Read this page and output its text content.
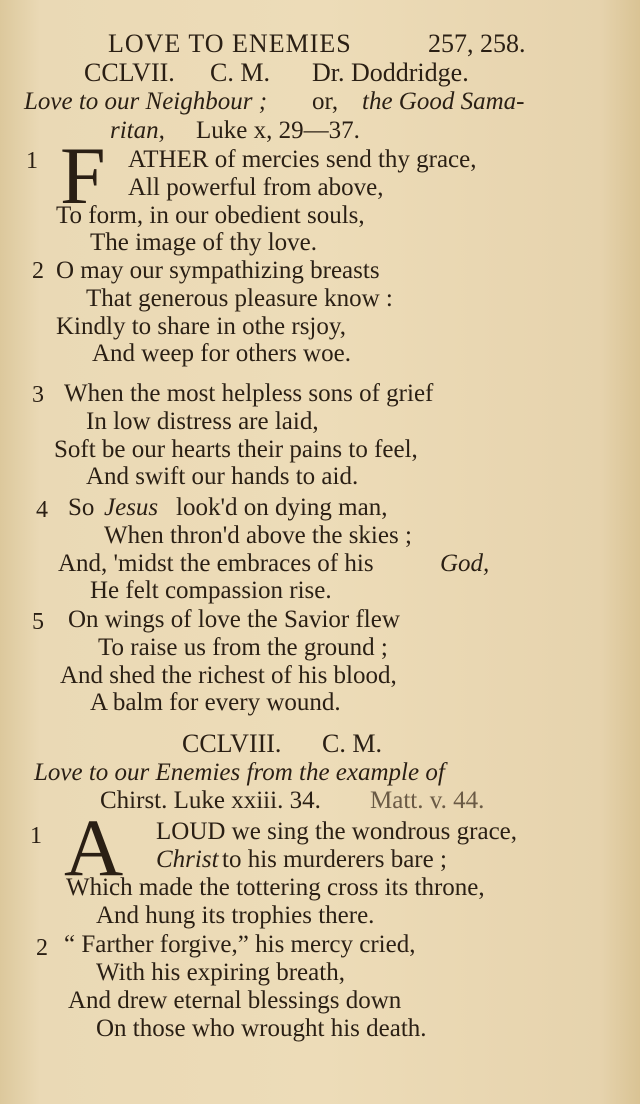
LOVE TO ENEMIES	257, 258.
CCLVII. C. M. Dr. Doddridge.
Love to our Neighbour ; or, the Good Sama-
ritan, Luke x, 29—37.
1 F ATHER of mercies send thy grace,
All powerful from above,
To form, in our obedient souls,
The image of thy love.
2 O may our sympathizing breasts
That generous pleasure know :
Kindly to share in othe rsjoy,
And weep for others woe.
3 When the most helpless sons of grief
In low distress are laid,
Soft be our hearts their pains to feel,
And swift our hands to aid.
4 So Jesus look'd on dying man,
When thron'd above the skies ;
And, 'midst the embraces of his	God,
He felt compassion rise.
5 On wings of love the Savior flew
To raise us from the ground ;
And shed the richest of his blood,
A balm for every wound.
CCLVIII. C. M.
Love to our Enemies from the example of
Chirst. Luke xxiii. 34. Matt. v. 44.
1 A LOUD we sing the wondrous grace,
Christ to his murderers bare ;
Which made the tottering cross its throne,
And hung its trophies there.
2 “ Farther forgive,” his mercy cried,
With his expiring breath,
And drew eternal blessings down
On those who wrought his death.
